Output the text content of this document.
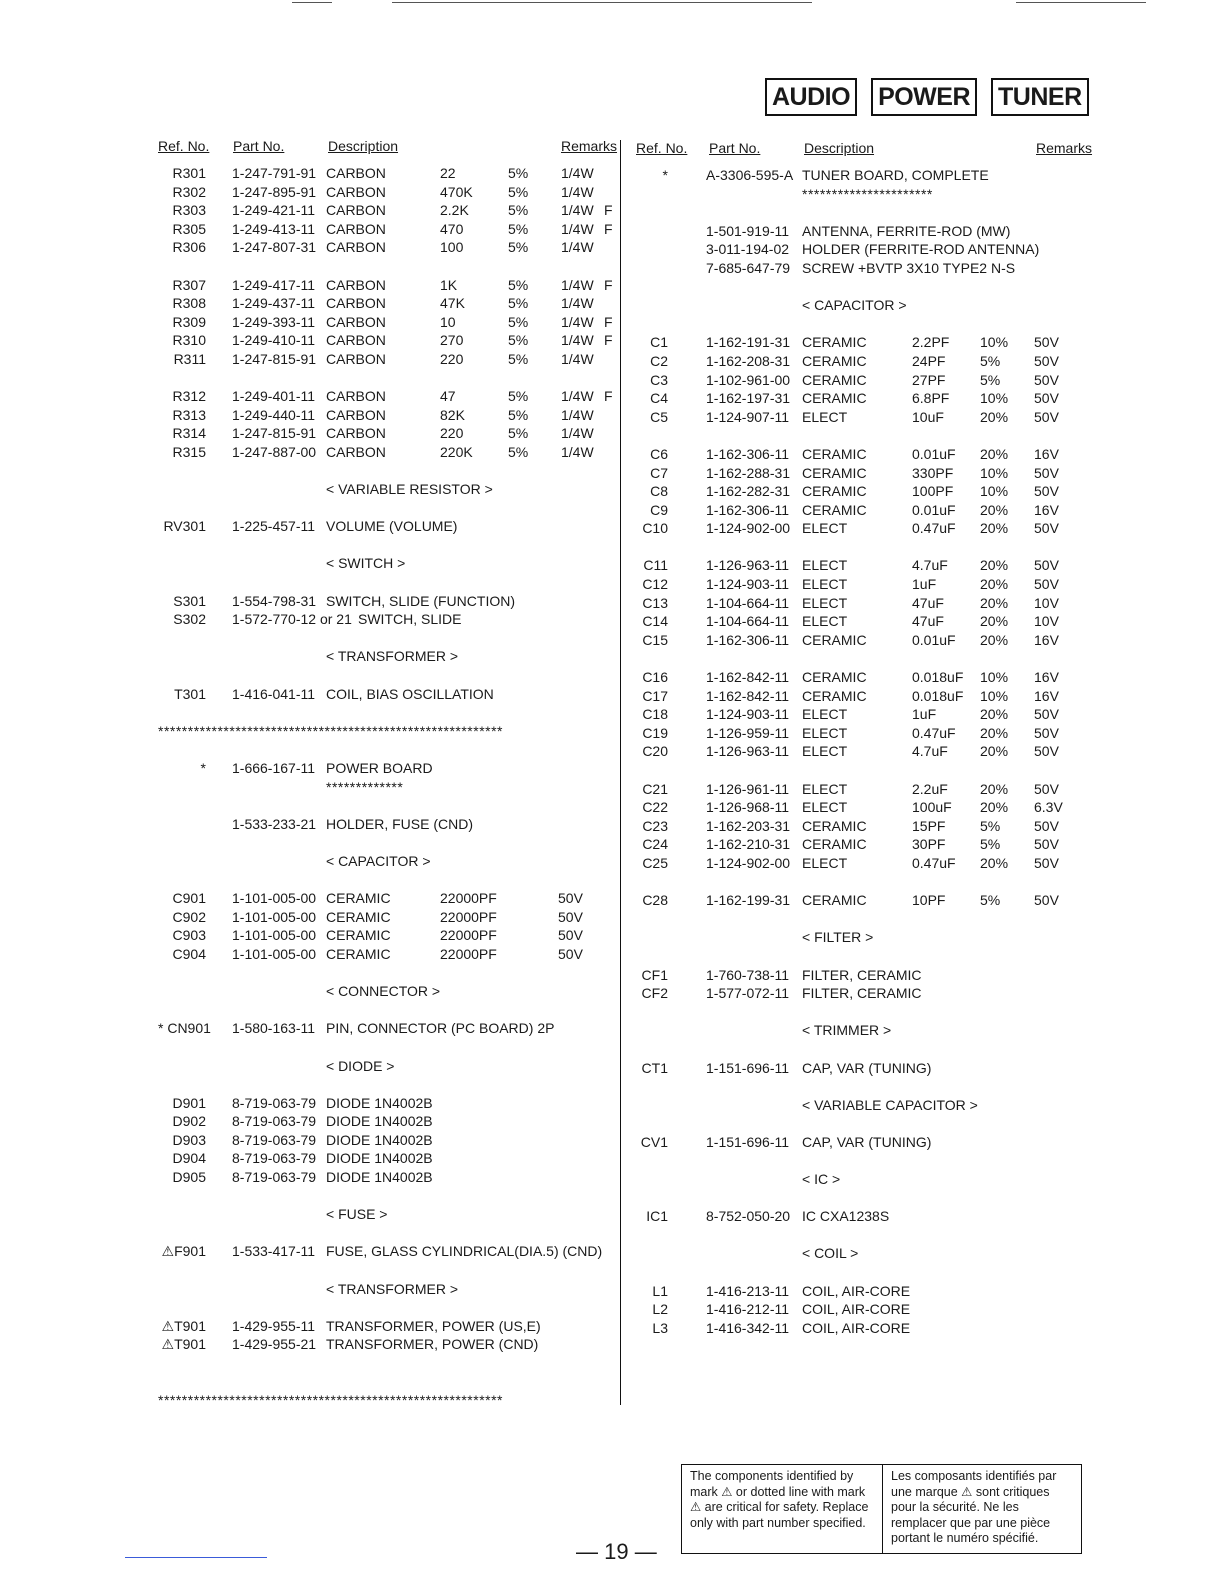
AUDIO POWER TUNER
Ref. No. Part No.	Description	Remarks
R301 1-247-791-91 CARBON	22	5% 1/4W
R302 1-247-895-91 CARBON	470K	5% 1/4W
R303 1-249-421-11 CARBON	2.2K	5% 1/4W F
R305 1-249-413-11 CARBON	470	5% 1/4W F
R306 1-247-807-31 CARBON	100	5% 1/4W
R307 1-249-417-11 CARBON	1K	5% 1/4W F
R308 1-249-437-11 CARBON	47K	5% 1/4W
R309 1-249-393-11 CARBON	10	5% 1/4W F
R310 1-249-410-11 CARBON	270	5% 1/4W F
R311 1-247-815-91 CARBON	220	5% 1/4W
R312 1-249-401-11 CARBON	47	5% 1/4W F
R313 1-249-440-11 CARBON	82K	5% 1/4W
R314 1-247-815-91 CARBON	220	5% 1/4W
R315 1-247-887-00 CARBON	220K	5% 1/4W
< VARIABLE RESISTOR >
RV301 1-225-457-11 VOLUME (VOLUME)
< SWITCH >
S301 1-554-798-31 SWITCH, SLIDE (FUNCTION)
S302 1-572-770-12 or 21 SWITCH, SLIDE
< TRANSFORMER >
T301 1-416-041-11 COIL, BIAS OSCILLATION
**********************************************************
* 1-666-167-11 POWER BOARD
*************
1-533-233-21 HOLDER, FUSE (CND)
< CAPACITOR >
C901 1-101-005-00 CERAMIC	22000PF	50V
C902 1-101-005-00 CERAMIC	22000PF	50V
C903 1-101-005-00 CERAMIC	22000PF	50V
C904 1-101-005-00 CERAMIC	22000PF	50V
< CONNECTOR >
* CN901 1-580-163-11 PIN, CONNECTOR (PC BOARD) 2P
< DIODE >
D901 8-719-063-79 DIODE 1N4002B
D902 8-719-063-79 DIODE 1N4002B
D903 8-719-063-79 DIODE 1N4002B
D904 8-719-063-79 DIODE 1N4002B
D905 8-719-063-79 DIODE 1N4002B
< FUSE >
⚠F901 1-533-417-11 FUSE, GLASS CYLINDRICAL(DIA.5) (CND)
< TRANSFORMER >
⚠T901 1-429-955-11 TRANSFORMER, POWER (US,E)
⚠T901 1-429-955-21 TRANSFORMER, POWER (CND)
**********************************************************
Ref. No. Part No.	Description	Remarks
*	A-3306-595-A TUNER BOARD, COMPLETE
**********************
1-501-919-11 ANTENNA, FERRITE-ROD (MW)
3-011-194-02 HOLDER (FERRITE-ROD ANTENNA)
7-685-647-79 SCREW +BVTP 3X10 TYPE2 N-S
< CAPACITOR >
C1	1-162-191-31 CERAMIC	2.2PF 10% 50V
C2	1-162-208-31 CERAMIC	24PF 5% 50V
C3	1-102-961-00 CERAMIC	27PF 5% 50V
C4	1-162-197-31 CERAMIC	6.8PF 10% 50V
C5	1-124-907-11 ELECT	10uF	20% 50V
C6	1-162-306-11 CERAMIC	0.01uF 20% 16V
C7	1-162-288-31 CERAMIC	330PF 10% 50V
C8	1-162-282-31 CERAMIC	100PF 10% 50V
C9	1-162-306-11 CERAMIC	0.01uF 20% 16V
C10	1-124-902-00 ELECT	0.47uF 20% 50V
C11	1-126-963-11 ELECT	4.7uF 20% 50V
C12	1-124-903-11 ELECT	1uF	20% 50V
C13	1-104-664-11 ELECT	47uF	20% 10V
C14	1-104-664-11 ELECT	47uF	20% 10V
C15	1-162-306-11 CERAMIC	0.01uF 20% 16V
C16	1-162-842-11 CERAMIC	0.018uF 10% 16V
C17	1-162-842-11 CERAMIC	0.018uF 10% 16V
C18	1-124-903-11 ELECT	1uF	20% 50V
C19	1-126-959-11 ELECT	0.47uF 20% 50V
C20	1-126-963-11 ELECT	4.7uF 20% 50V
C21	1-126-961-11 ELECT	2.2uF 20% 50V
C22	1-126-968-11 ELECT	100uF 20% 6.3V
C23	1-162-203-31 CERAMIC	15PF 5% 50V
C24	1-162-210-31 CERAMIC	30PF 5% 50V
C25	1-124-902-00 ELECT	0.47uF 20% 50V
C28	1-162-199-31 CERAMIC	10PF 5% 50V
< FILTER >
CF1	1-760-738-11 FILTER, CERAMIC
CF2	1-577-072-11 FILTER, CERAMIC
< TRIMMER >
CT1	1-151-696-11 CAP, VAR (TUNING)
< VARIABLE CAPACITOR >
CV1	1-151-696-11 CAP, VAR (TUNING)
< IC >
IC1	8-752-050-20 IC CXA1238S
< COIL >
L1	1-416-213-11 COIL, AIR-CORE
L2	1-416-212-11 COIL, AIR-CORE
L3	1-416-342-11 COIL, AIR-CORE
— 19 —
The components identified by mark ⚠ or dotted line with mark ⚠ are critical for safety. Replace only with part number specified.
Les composants identifiés par une marque ⚠ sont critiques pour la sécurité. Ne les remplacer que par une pièce portant le numéro spécifié.
